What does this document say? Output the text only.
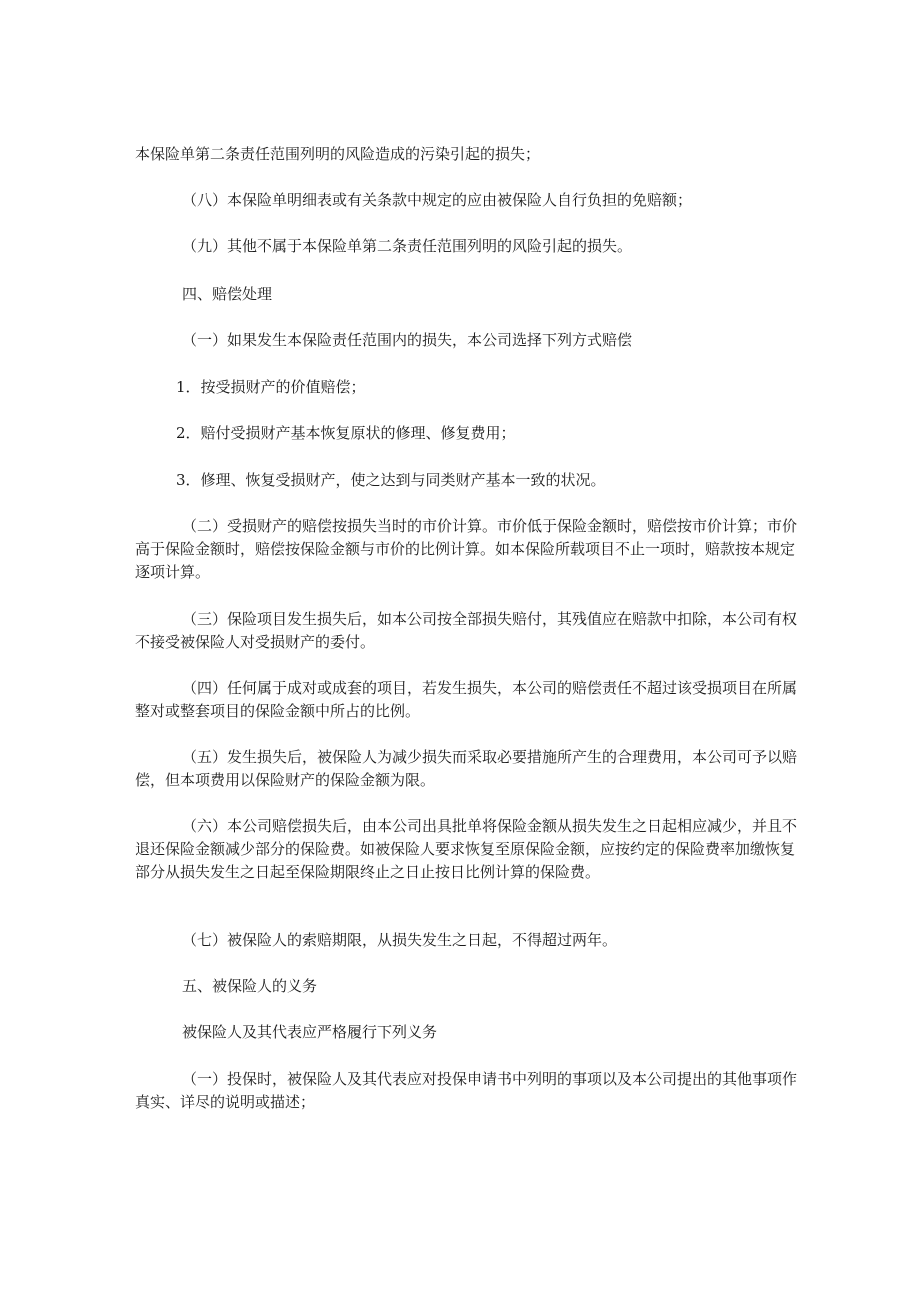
本保险单第二条责任范围列明的风险造成的污染引起的损失；
（八）本保险单明细表或有关条款中规定的应由被保险人自行负担的免赔额；
（九）其他不属于本保险单第二条责任范围列明的风险引起的损失。
四、赔偿处理
（一）如果发生本保险责任范围内的损失，本公司选择下列方式赔偿
1．按受损财产的价值赔偿；
2．赔付受损财产基本恢复原状的修理、修复费用；
3．修理、恢复受损财产，使之达到与同类财产基本一致的状况。
（二）受损财产的赔偿按损失当时的市价计算。市价低于保险金额时，赔偿按市价计算；市价高于保险金额时，赔偿按保险金额与市价的比例计算。如本保险所载项目不止一项时，赔款按本规定逐项计算。
（三）保险项目发生损失后，如本公司按全部损失赔付，其残值应在赔款中扣除，本公司有权不接受被保险人对受损财产的委付。
（四）任何属于成对或成套的项目，若发生损失，本公司的赔偿责任不超过该受损项目在所属整对或整套项目的保险金额中所占的比例。
（五）发生损失后，被保险人为减少损失而采取必要措施所产生的合理费用，本公司可予以赔偿，但本项费用以保险财产的保险金额为限。
（六）本公司赔偿损失后，由本公司出具批单将保险金额从损失发生之日起相应减少，并且不退还保险金额减少部分的保险费。如被保险人要求恢复至原保险金额，应按约定的保险费率加缴恢复部分从损失发生之日起至保险期限终止之日止按日比例计算的保险费。
（七）被保险人的索赔期限，从损失发生之日起，不得超过两年。
五、被保险人的义务
被保险人及其代表应严格履行下列义务
（一）投保时，被保险人及其代表应对投保申请书中列明的事项以及本公司提出的其他事项作真实、详尽的说明或描述；
